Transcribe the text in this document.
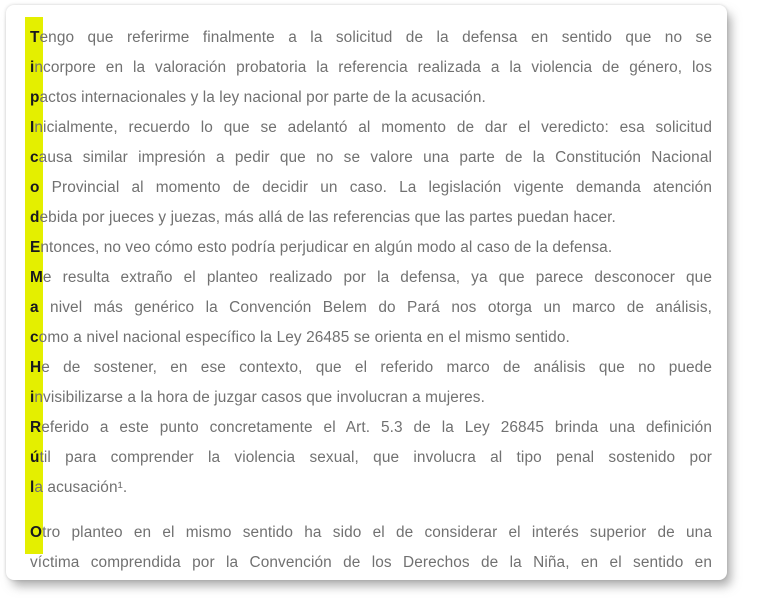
Tengo que referirme finalmente a la solicitud de la defensa en sentido que no se
incorpore en la valoración probatoria la referencia realizada a la violencia de género, los
pactos internacionales y la ley nacional por parte de la acusación.
Inicialmente, recuerdo lo que se adelantó al momento de dar el veredicto: esa solicitud
causa similar impresión a pedir que no se valore una parte de la Constitución Nacional
o Provincial al momento de decidir un caso. La legislación vigente demanda atención
debida por jueces y juezas, más allá de las referencias que las partes puedan hacer.
Entonces, no veo cómo esto podría perjudicar en algún modo al caso de la defensa.
Me resulta extraño el planteo realizado por la defensa, ya que parece desconocer que
a nivel más genérico la Convención Belem do Pará nos otorga un marco de análisis,
como a nivel nacional específico la Ley 26485 se orienta en el mismo sentido.
He de sostener, en ese contexto, que el referido marco de análisis que no puede
invisibilizarse a la hora de juzgar casos que involucran a mujeres.
Referido a este punto concretamente el Art. 5.3 de la Ley 26845 brinda una definición
útil para comprender la violencia sexual, que involucra al tipo penal sostenido por
la acusación¹.
Otro planteo en el mismo sentido ha sido el de considerar el interés superior de una
víctima comprendida por la Convención de los Derechos de la Niña, en el sentido en
